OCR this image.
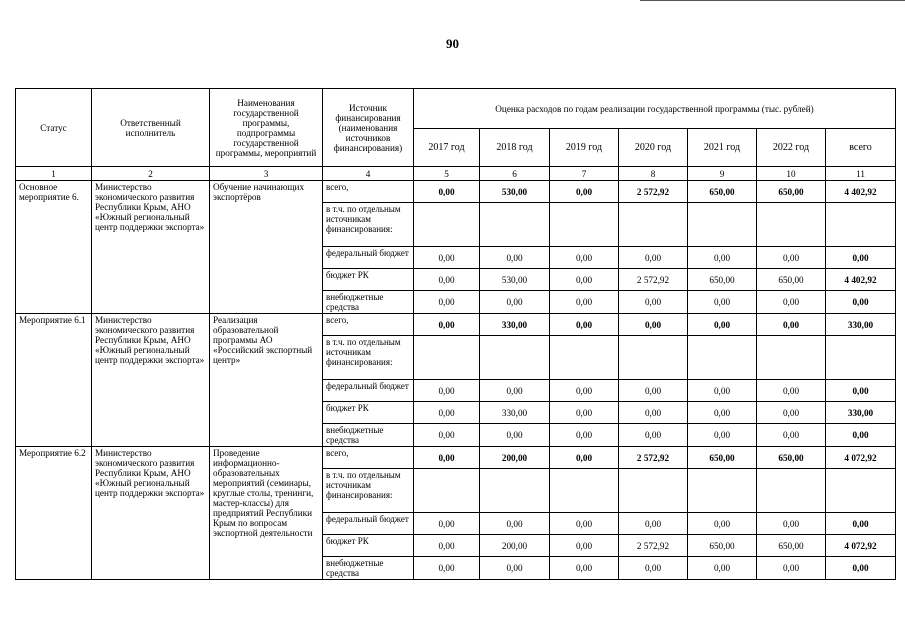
90
Статус	Ответственный исполнитель	Наименования государственной программы, подпрограммы государственной программы, мероприятий	Источник финансирования (наименования источников финансирования)	Оценка расходов по годам реализации государственной программы (тыс. рублей)						
				2017 год	2018 год	2019 год	2020 год	2021 год	2022 год	всего
1	2	3	4	5	6	7	8	9	10	11
Основное мероприятие 6.	Министерство экономического развития Республики Крым, АНО «Южный региональный центр поддержки экспорта»	Обучение начинающих экспортёров	всего,	0,00	530,00	0,00	2 572,92	650,00	650,00	4 402,92
			в т.ч. по отдельным источникам финансирования:							
			федеральный бюджет	0,00	0,00	0,00	0,00	0,00	0,00	0,00
			бюджет РК	0,00	530,00	0,00	2 572,92	650,00	650,00	4 402,92
			внебюджетные средства	0,00	0,00	0,00	0,00	0,00	0,00	0,00
Мероприятие 6.1	Министерство экономического развития Республики Крым, АНО «Южный региональный центр поддержки экспорта»	Реализация образовательной программы АО «Российский экспортный центр»	всего,	0,00	330,00	0,00	0,00	0,00	0,00	330,00
			в т.ч. по отдельным источникам финансирования:							
			федеральный бюджет	0,00	0,00	0,00	0,00	0,00	0,00	0,00
			бюджет РК	0,00	330,00	0,00	0,00	0,00	0,00	330,00
			внебюджетные средства	0,00	0,00	0,00	0,00	0,00	0,00	0,00
Мероприятие 6.2	Министерство экономического развития Республики Крым, АНО «Южный региональный центр поддержки экспорта»	Проведение информационно-образовательных мероприятий (семинары, круглые столы, тренинги, мастер-классы) для предприятий Республики Крым по вопросам экспортной деятельности	всего,	0,00	200,00	0,00	2 572,92	650,00	650,00	4 072,92
			в т.ч. по отдельным источникам финансирования:							
			федеральный бюджет	0,00	0,00	0,00	0,00	0,00	0,00	0,00
			бюджет РК	0,00	200,00	0,00	2 572,92	650,00	650,00	4 072,92
			внебюджетные средства	0,00	0,00	0,00	0,00	0,00	0,00	0,00
